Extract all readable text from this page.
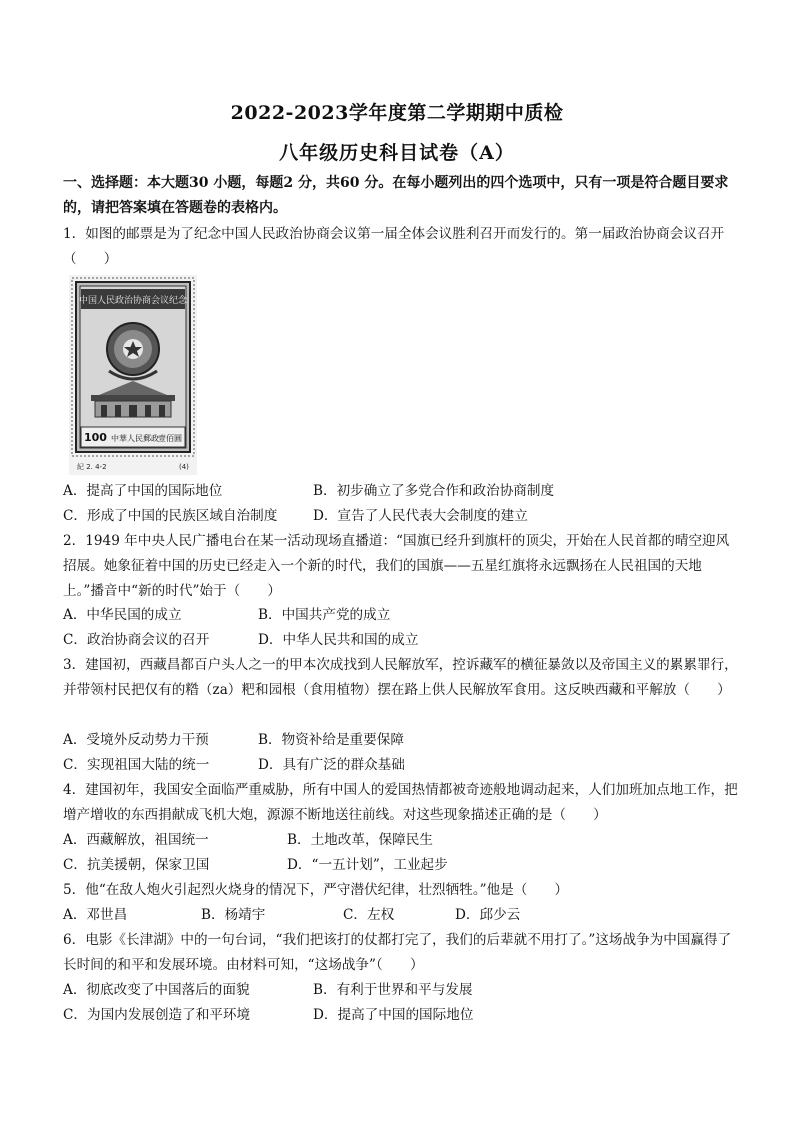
2022-2023学年度第二学期期中质检
八年级历史科目试卷（A）
一、选择题：本大题30 小题，每题2 分，共60 分。在每小题列出的四个选项中，只有一项是符合题目要求的，请把答案填在答题卷的表格内。
1．如图的邮票是为了纪念中国人民政治协商会议第一届全体会议胜利召开而发行的。第一届政治协商会议召开（　　）
中国人民政治协商会议纪念
100 中華人民郵政 壹佰圓
紀 2. 4-2	(4)
A．提高了中国的国际地位	B．初步确立了多党合作和政治协商制度
C．形成了中国的民族区域自治制度	D．宣告了人民代表大会制度的建立
2．1949 年中央人民广播电台在某一活动现场直播道：“国旗已经升到旗杆的顶尖，开始在人民首都的晴空迎风招展。她象征着中国的历史已经走入一个新的时代，我们的国旗——五星红旗将永远飘扬在人民祖国的天地上。”播音中“新的时代”始于（　　）
A．中华民国的成立	B．中国共产党的成立
C．政治协商会议的召开	D．中华人民共和国的成立
3．建国初，西藏昌都百户头人之一的甲本次成找到人民解放军，控诉藏军的横征暴敛以及帝国主义的累累罪行，并带领村民把仅有的糌（za）粑和园根（食用植物）摆在路上供人民解放军食用。这反映西藏和平解放（　　）
A．受境外反动势力干预	B．物资补给是重要保障
C．实现祖国大陆的统一	D．具有广泛的群众基础
4．建国初年，我国安全面临严重威胁，所有中国人的爱国热情都被奇迹般地调动起来，人们加班加点地工作，把增产增收的东西捐献成飞机大炮，源源不断地送往前线。对这些现象描述正确的是（　　）
A．西藏解放，祖国统一	B．土地改革，保障民生
C．抗美援朝，保家卫国	D．“一五计划”，工业起步
5．他“在敌人炮火引起烈火烧身的情况下，严守潜伏纪律，壮烈牺牲。”他是（　　）
A．邓世昌	B．杨靖宇	C．左权	D．邱少云
6．电影《长津湖》中的一句台词，“我们把该打的仗都打完了，我们的后辈就不用打了。”这场战争为中国赢得了长时间的和平和发展环境。由材料可知，“这场战争”（　　）
A．彻底改变了中国落后的面貌	B．有利于世界和平与发展
C．为国内发展创造了和平环境	D．提高了中国的国际地位
